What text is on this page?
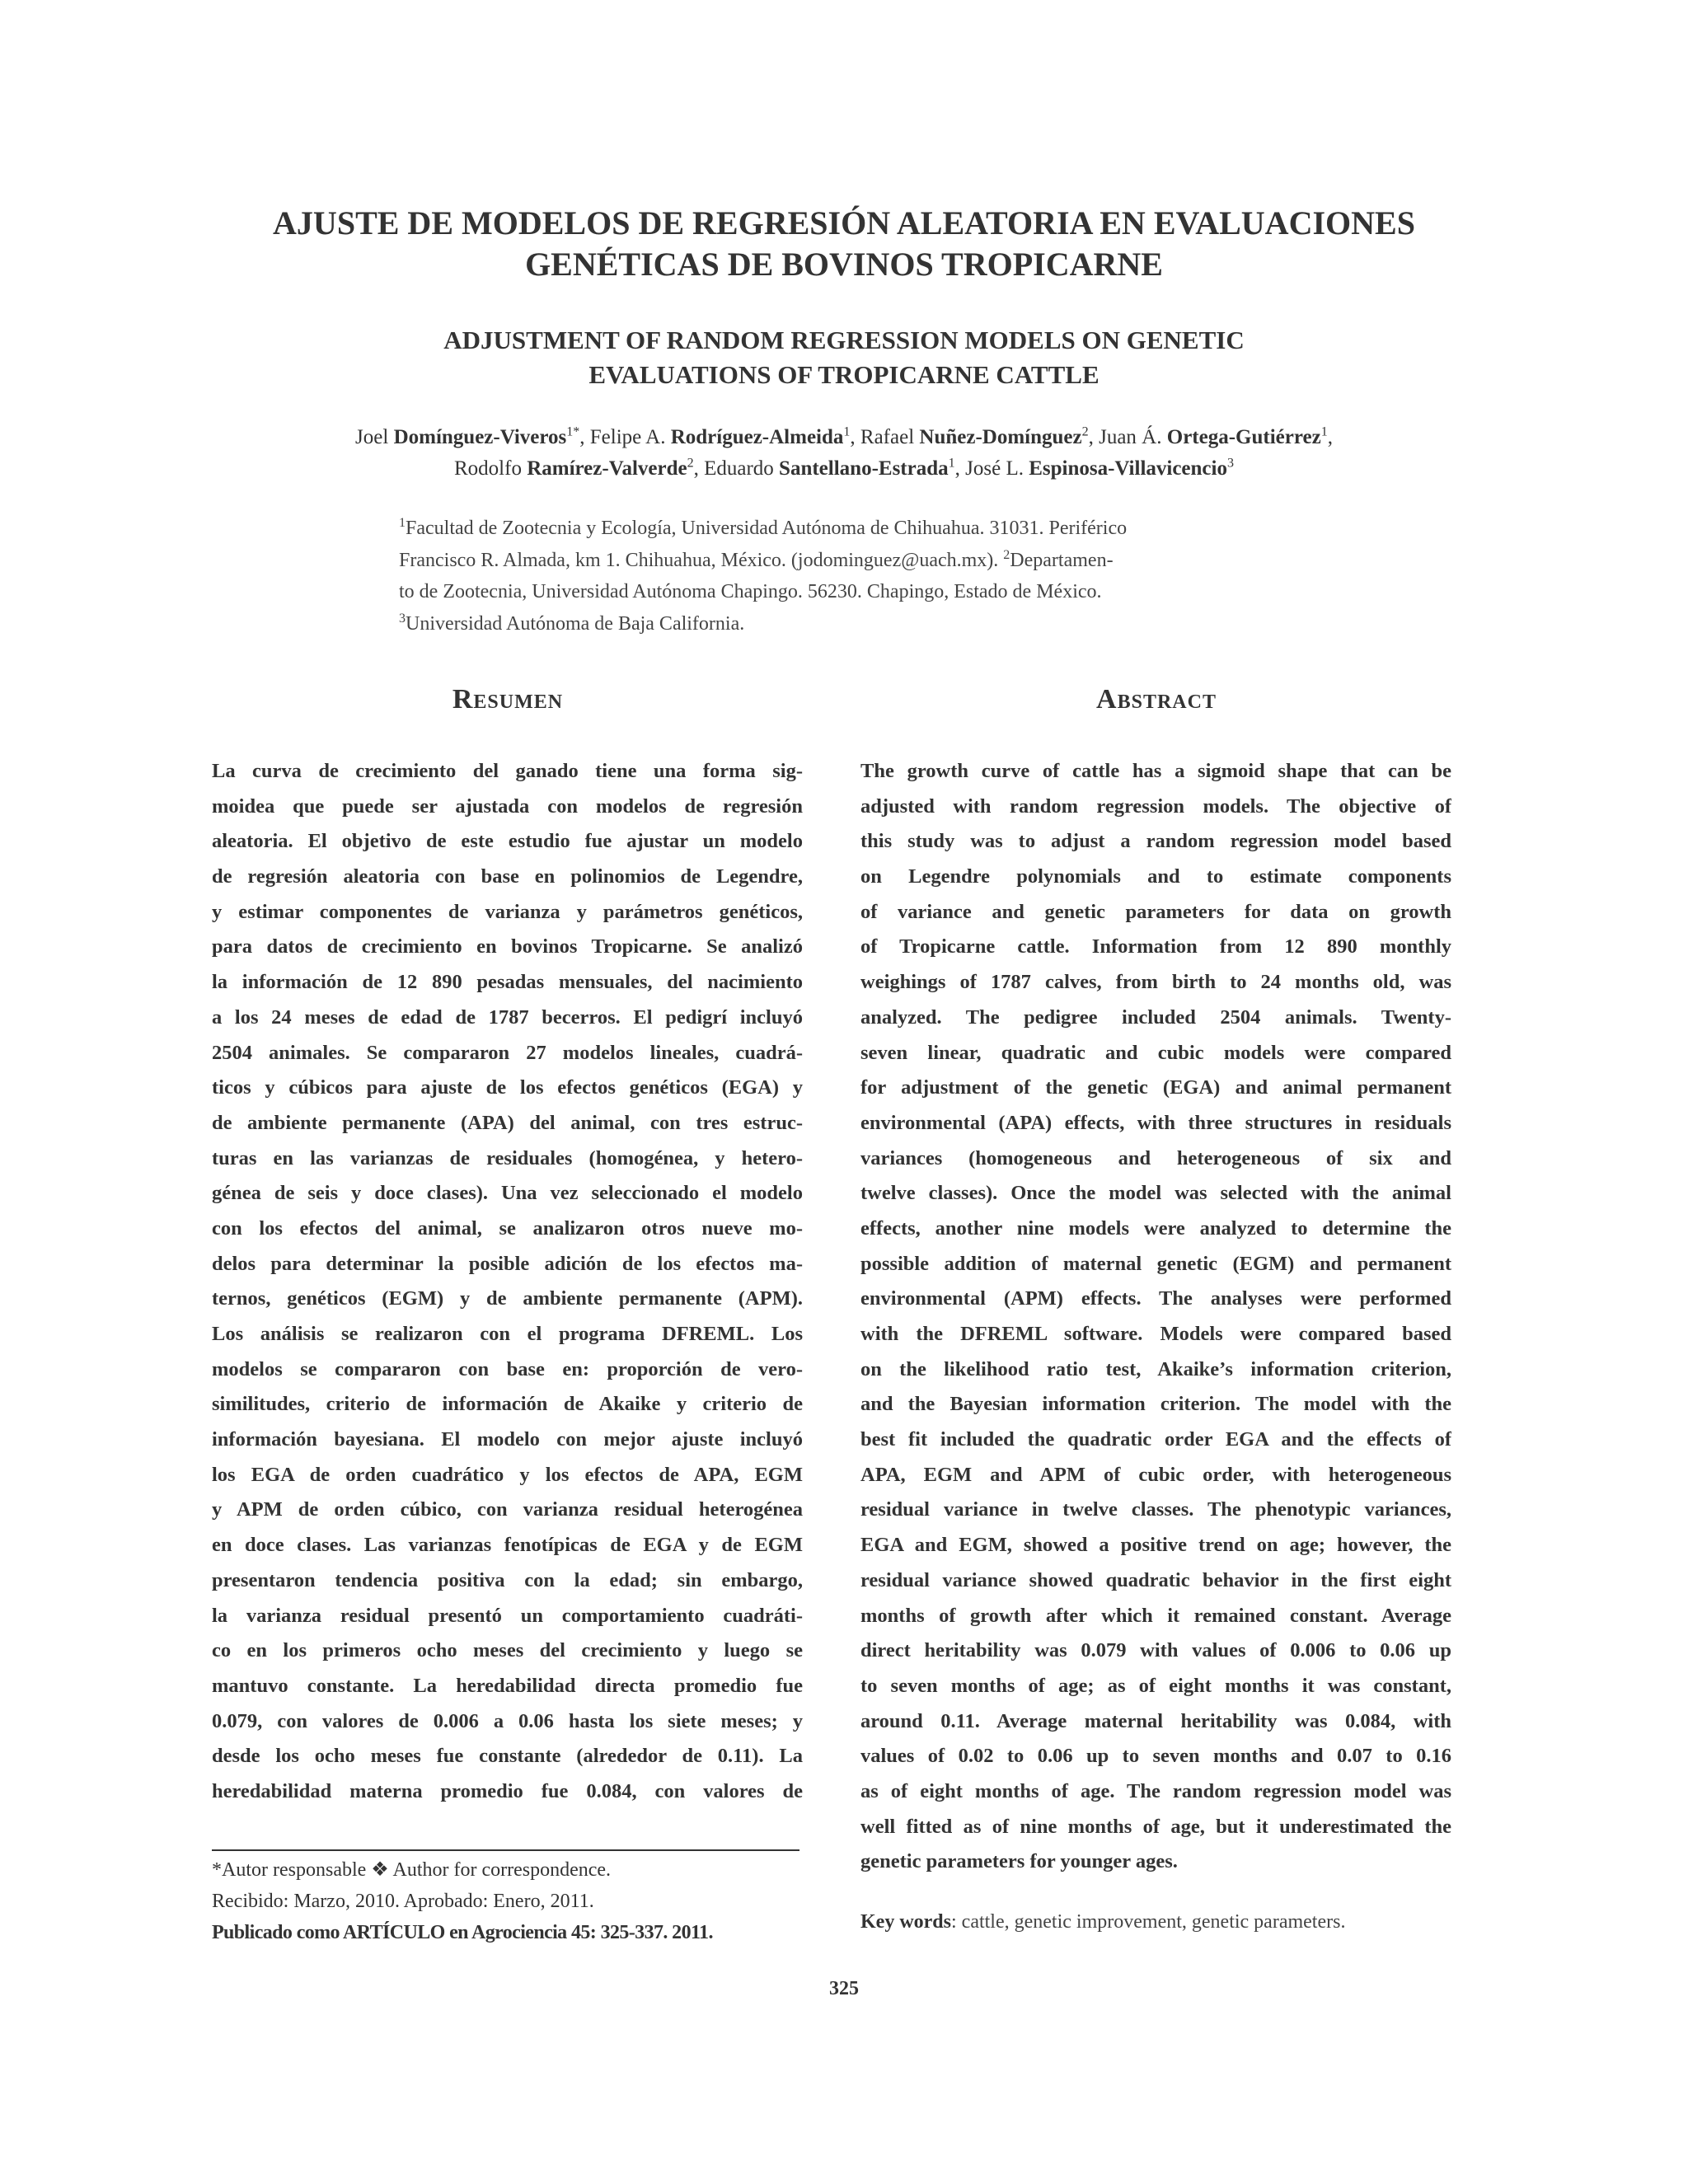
AJUSTE DE MODELOS DE REGRESIÓN ALEATORIA EN EVALUACIONES
GENÉTICAS DE BOVINOS TROPICARNE
ADJUSTMENT OF RANDOM REGRESSION MODELS ON GENETIC
EVALUATIONS OF TROPICARNE CATTLE
Joel Domínguez-Viveros$^{1*}$, Felipe A. Rodríguez-Almeida$^1$, Rafael Nuñez-Domínguez$^2$, Juan Á. Ortega-Gutiérrez$^1$,
Rodolfo Ramírez-Valverde$^2$, Eduardo Santellano-Estrada$^1$, José L. Espinosa-Villavicencio$^3$
$^1$Facultad de Zootecnia y Ecología, Universidad Autónoma de Chihuahua. 31031. Periférico
Francisco R. Almada, km 1. Chihuahua, México. (jodominguez@uach.mx). $^2$Departamen-
to de Zootecnia, Universidad Autónoma Chapingo. 56230. Chapingo, Estado de México.
$^3$Universidad Autónoma de Baja California.
Resumen	Abstract
La curva de crecimiento del ganado tiene una forma sig-
moidea que puede ser ajustada con modelos de regresión
aleatoria. El objetivo de este estudio fue ajustar un modelo
de regresión aleatoria con base en polinomios de Legendre,
y estimar componentes de varianza y parámetros genéticos,
para datos de crecimiento en bovinos Tropicarne. Se analizó
la información de 12 890 pesadas mensuales, del nacimiento
a los 24 meses de edad de 1787 becerros. El pedigrí incluyó
2504 animales. Se compararon 27 modelos lineales, cuadrá-
ticos y cúbicos para ajuste de los efectos genéticos (EGA) y
de ambiente permanente (APA) del animal, con tres estruc-
turas en las varianzas de residuales (homogénea, y hetero-
génea de seis y doce clases). Una vez seleccionado el modelo
con los efectos del animal, se analizaron otros nueve mo-
delos para determinar la posible adición de los efectos ma-
ternos, genéticos (EGM) y de ambiente permanente (APM).
Los análisis se realizaron con el programa DFREML. Los
modelos se compararon con base en: proporción de vero-
similitudes, criterio de información de Akaike y criterio de
información bayesiana. El modelo con mejor ajuste incluyó
los EGA de orden cuadrático y los efectos de APA, EGM
y APM de orden cúbico, con varianza residual heterogénea
en doce clases. Las varianzas fenotípicas de EGA y de EGM
presentaron tendencia positiva con la edad; sin embargo,
la varianza residual presentó un comportamiento cuadráti-
co en los primeros ocho meses del crecimiento y luego se
mantuvo constante. La heredabilidad directa promedio fue
0.079, con valores de 0.006 a 0.06 hasta los siete meses; y
desde los ocho meses fue constante (alrededor de 0.11). La
heredabilidad materna promedio fue 0.084, con valores de
The growth curve of cattle has a sigmoid shape that can be
adjusted with random regression models. The objective of
this study was to adjust a random regression model based
on Legendre polynomials and to estimate components
of variance and genetic parameters for data on growth
of Tropicarne cattle. Information from 12 890 monthly
weighings of 1787 calves, from birth to 24 months old, was
analyzed. The pedigree included 2504 animals. Twenty-
seven linear, quadratic and cubic models were compared
for adjustment of the genetic (EGA) and animal permanent
environmental (APA) effects, with three structures in residuals
variances (homogeneous and heterogeneous of six and
twelve classes). Once the model was selected with the animal
effects, another nine models were analyzed to determine the
possible addition of maternal genetic (EGM) and permanent
environmental (APM) effects. The analyses were performed
with the DFREML software. Models were compared based
on the likelihood ratio test, Akaike’s information criterion,
and the Bayesian information criterion. The model with the
best fit included the quadratic order EGA and the effects of
APA, EGM and APM of cubic order, with heterogeneous
residual variance in twelve classes. The phenotypic variances,
EGA and EGM, showed a positive trend on age; however, the
residual variance showed quadratic behavior in the first eight
months of growth after which it remained constant. Average
direct heritability was 0.079 with values of 0.006 to 0.06 up
to seven months of age; as of eight months it was constant,
around 0.11. Average maternal heritability was 0.084, with
values of 0.02 to 0.06 up to seven months and 0.07 to 0.16
as of eight months of age. The random regression model was
well fitted as of nine months of age, but it underestimated the
genetic parameters for younger ages.
*Autor responsable ❖ Author for correspondence.
Recibido: Marzo, 2010. Aprobado: Enero, 2011.
Publicado como ARTÍCULO en Agrociencia 45: 325-337. 2011.	Key words: cattle, genetic improvement, genetic parameters.
325
